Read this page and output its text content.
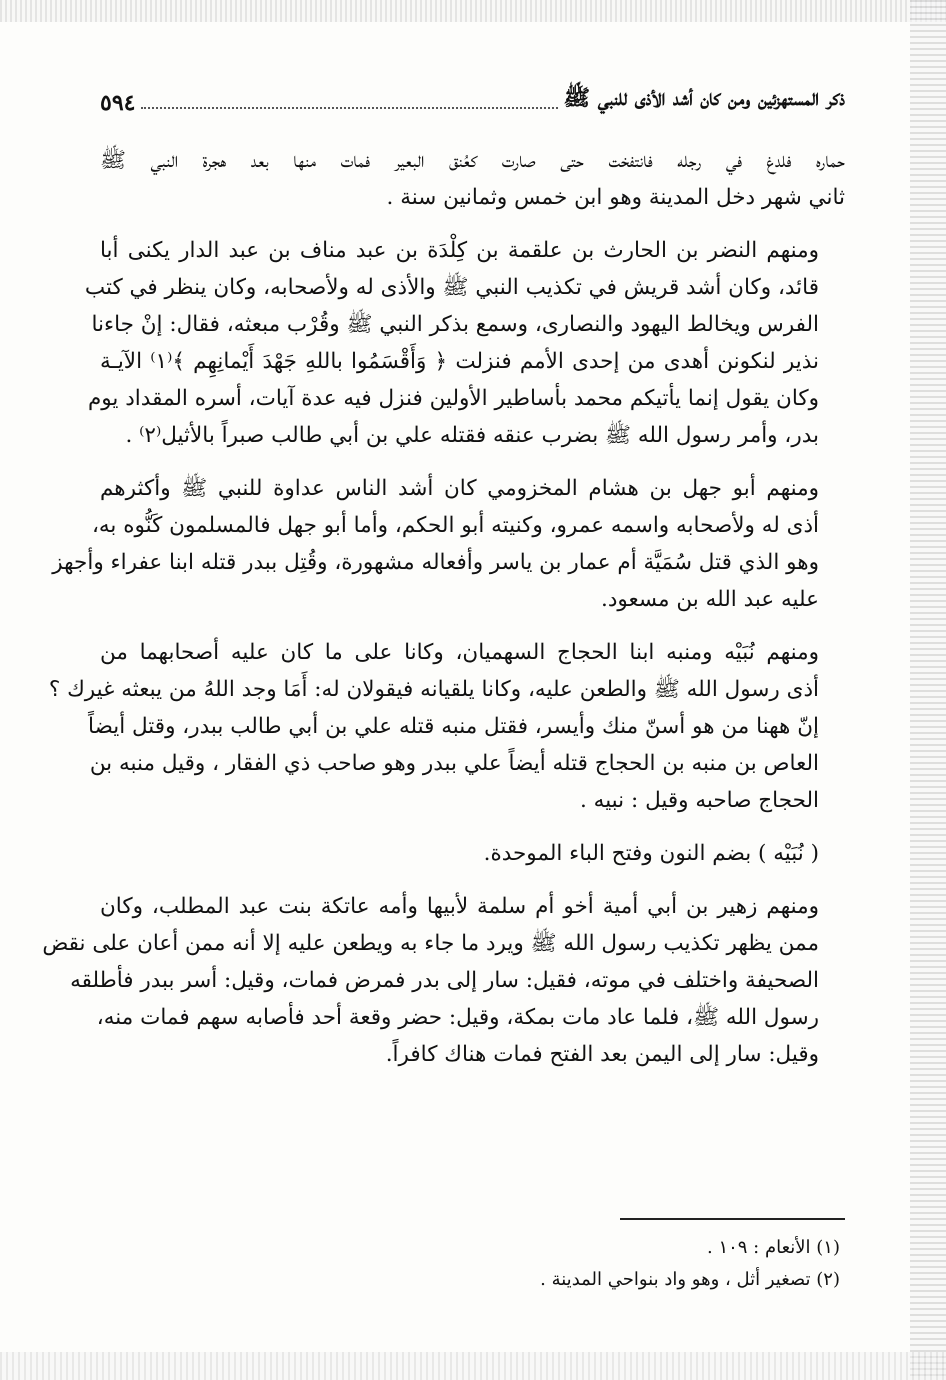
ذكر المستهزئين ومن كان أشد الأذى للنبي ﷺ
٥٩٤

حماره فلدغ في رجله فانتفخت حتى صارت كعُنق البعير فمات منها بعد هجرة النبي ﷺ
ثاني شهر دخل المدينة وهو ابن خمس وثمانين سنة .

ومنهم النضر بن الحارث بن علقمة بن كِلْدَة بن عبد مناف بن عبد الدار يكنى أبا
قائد، وكان أشد قريش في تكذيب النبي ﷺ والأذى له ولأصحابه، وكان ينظر في كتب
الفرس ويخالط اليهود والنصارى، وسمع بذكر النبي ﷺ وقُرْب مبعثه، فقال: إنْ جاءنا
نذير لنكونن أهدى من إحدى الأمم فنزلت ﴿ وَأَقْسَمُوا باللهِ جَهْدَ أَيْمانِهِم ﴾⁽١⁾ الآيـة
وكان يقول إنما يأتيكم محمد بأساطير الأولين فنزل فيه عدة آيات، أسره المقداد يوم
بدر، وأمر رسول الله ﷺ بضرب عنقه فقتله علي بن أبي طالب صبراً بالأثيل⁽٢⁾ .

ومنهم أبو جهل بن هشام المخزومي كان أشد الناس عداوة للنبي ﷺ وأكثرهم
أذى له ولأصحابه واسمه عمرو، وكنيته أبو الحكم، وأما أبو جهل فالمسلمون كَنُّوه به،
وهو الذي قتل سُمَيَّة أم عمار بن ياسر وأفعاله مشهورة، وقُتِل ببدر قتله ابنا عفراء وأجهز
عليه عبد الله بن مسعود.

ومنهم نُبَيْه ومنبه ابنا الحجاج السهميان، وكانا على ما كان عليه أصحابهما من
أذى رسول الله ﷺ والطعن عليه، وكانا يلقيانه فيقولان له: أَمَا وجد اللهُ من يبعثه غيرك ؟
إنّ ههنا من هو أسنّ منك وأيسر، فقتل منبه قتله علي بن أبي طالب ببدر، وقتل أيضاً
العاص بن منبه بن الحجاج قتله أيضاً علي ببدر وهو صاحب ذي الفقار ، وقيل منبه بن
الحجاج صاحبه وقيل : نبيه .

( نُبَيْه ) بضم النون وفتح الباء الموحدة.

ومنهم زهير بن أبي أمية أخو أم سلمة لأبيها وأمه عاتكة بنت عبد المطلب، وكان
ممن يظهر تكذيب رسول الله ﷺ ويرد ما جاء به ويطعن عليه إلا أنه ممن أعان على نقض
الصحيفة واختلف في موته، فقيل: سار إلى بدر فمرض فمات، وقيل: أسر ببدر فأطلقه
رسول الله ﷺ، فلما عاد مات بمكة، وقيل: حضر وقعة أحد فأصابه سهم فمات منه،
وقيل: سار إلى اليمن بعد الفتح فمات هناك كافراً.

(١) الأنعام : ١٠٩ .
(٢) تصغير أثل ، وهو واد بنواحي المدينة .
